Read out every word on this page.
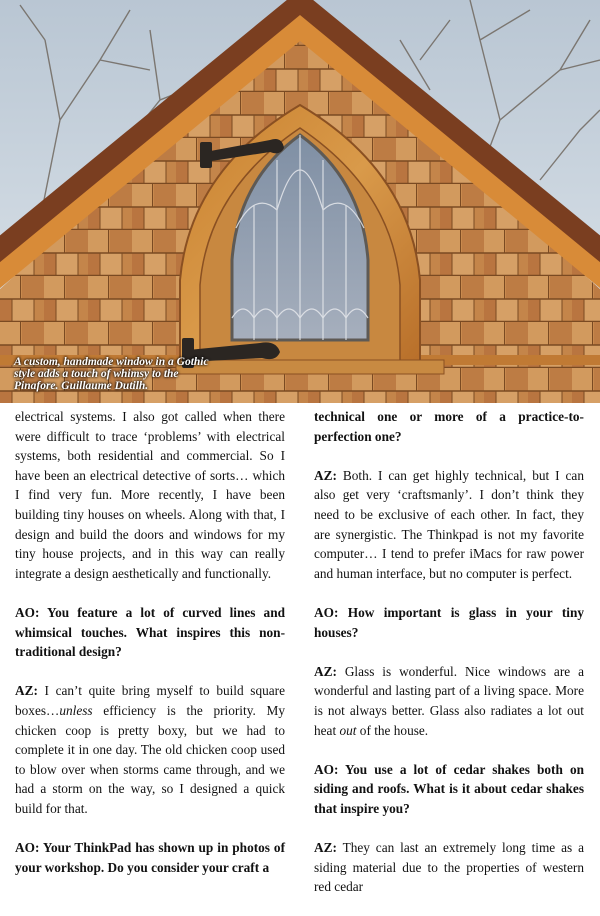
A custom, handmade window in a Gothic style adds a touch of whimsy to the Pinafore. Guillaume Dutilh.

electrical systems. I also got called when there were difficult to trace ‘problems’ with electrical systems, both residential and commercial. So I have been an electrical detective of sorts… which I find very fun. More recently, I have been building tiny houses on wheels. Along with that, I design and build the doors and windows for my tiny house projects, and in this way can really integrate a design aesthetically and functionally.

AO: You feature a lot of curved lines and whimsical touches. What inspires this non-traditional design?

AZ: I can’t quite bring myself to build square boxes…unless efficiency is the priority. My chicken coop is pretty boxy, but we had to complete it in one day. The old chicken coop used to blow over when storms came through, and we had a storm on the way, so I designed a quick build for that.

AO: Your ThinkPad has shown up in photos of your workshop. Do you consider your craft a

technical one or more of a practice-to-perfection one?

AZ: Both. I can get highly technical, but I can also get very ‘craftsmanly’. I don’t think they need to be exclusive of each other. In fact, they are synergistic. The Thinkpad is not my favorite computer… I tend to prefer iMacs for raw power and human interface, but no computer is perfect.

AO: How important is glass in your tiny houses?

AZ: Glass is wonderful. Nice windows are a wonderful and lasting part of a living space. More is not always better. Glass also radiates a lot out heat out of the house.

AO: You use a lot of cedar shakes both on siding and roofs. What is it about cedar shakes that inspire you?

AZ: They can last an extremely long time as a siding material due to the properties of western red cedar
